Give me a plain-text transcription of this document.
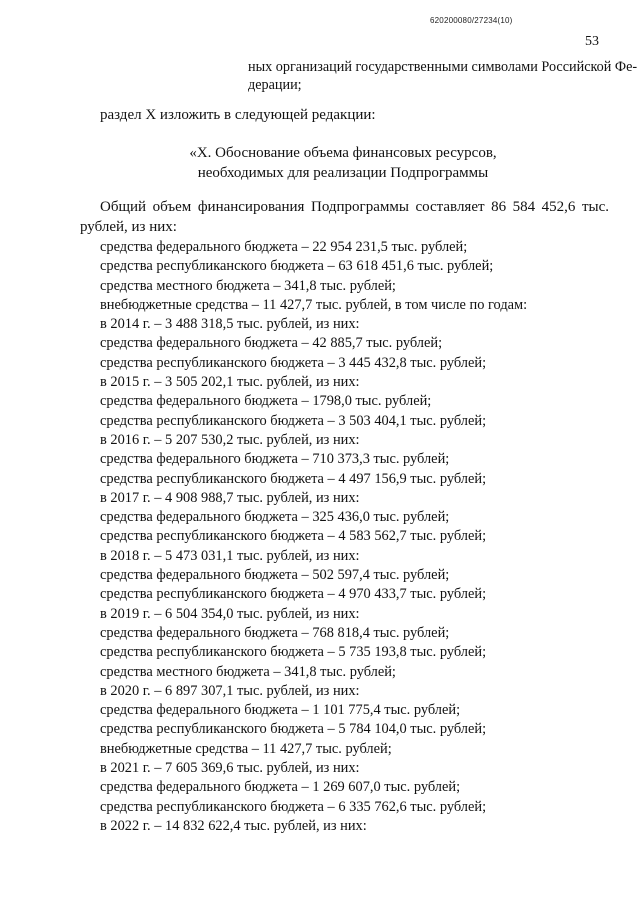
620200080/27234(10)
53
ных организаций государственными символами Российской Фе-
дерации;
раздел X изложить в следующей редакции:
«X. Обоснование объема финансовых ресурсов,
необходимых для реализации Подпрограммы
Общий объем финансирования Подпрограммы составляет 86 584 452,6 тыс.
рублей, из них:
средства федерального бюджета – 22 954 231,5 тыс. рублей;
средства республиканского бюджета – 63 618 451,6 тыс. рублей;
средства местного бюджета – 341,8 тыс. рублей;
внебюджетные средства – 11 427,7 тыс. рублей, в том числе по годам:
в 2014 г. – 3 488 318,5 тыс. рублей, из них:
средства федерального бюджета – 42 885,7 тыс. рублей;
средства республиканского бюджета – 3 445 432,8 тыс. рублей;
в 2015 г. – 3 505 202,1 тыс. рублей, из них:
средства федерального бюджета – 1798,0 тыс. рублей;
средства республиканского бюджета – 3 503 404,1 тыс. рублей;
в 2016 г. – 5 207 530,2 тыс. рублей, из них:
средства федерального бюджета – 710 373,3 тыс. рублей;
средства республиканского бюджета – 4 497 156,9 тыс. рублей;
в 2017 г. – 4 908 988,7 тыс. рублей, из них:
средства федерального бюджета – 325 436,0 тыс. рублей;
средства республиканского бюджета – 4 583 562,7 тыс. рублей;
в 2018 г. – 5 473 031,1 тыс. рублей, из них:
средства федерального бюджета – 502 597,4 тыс. рублей;
средства республиканского бюджета – 4 970 433,7 тыс. рублей;
в 2019 г. – 6 504 354,0 тыс. рублей, из них:
средства федерального бюджета – 768 818,4 тыс. рублей;
средства республиканского бюджета – 5 735 193,8 тыс. рублей;
средства местного бюджета – 341,8 тыс. рублей;
в 2020 г. – 6 897 307,1 тыс. рублей, из них:
средства федерального бюджета – 1 101 775,4 тыс. рублей;
средства республиканского бюджета – 5 784 104,0 тыс. рублей;
внебюджетные средства – 11 427,7 тыс. рублей;
в 2021 г. – 7 605 369,6 тыс. рублей, из них:
средства федерального бюджета – 1 269 607,0 тыс. рублей;
средства республиканского бюджета – 6 335 762,6 тыс. рублей;
в 2022 г. – 14 832 622,4 тыс. рублей, из них:
